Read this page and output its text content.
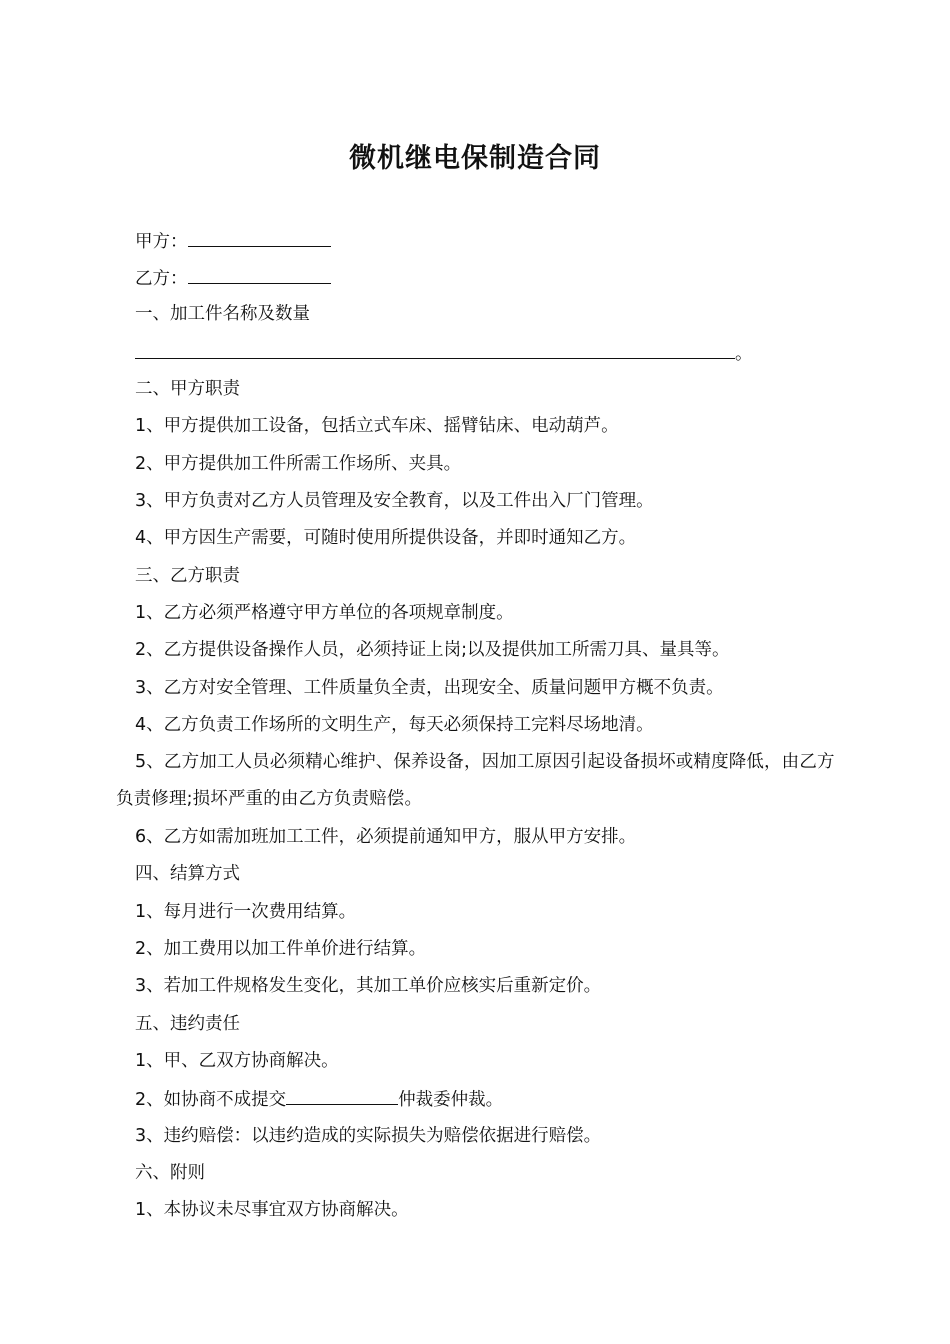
微机继电保制造合同
甲方：
乙方：
一、加工件名称及数量
。
二、甲方职责
1、甲方提供加工设备，包括立式车床、摇臂钻床、电动葫芦。
2、甲方提供加工件所需工作场所、夹具。
3、甲方负责对乙方人员管理及安全教育，以及工件出入厂门管理。
4、甲方因生产需要，可随时使用所提供设备，并即时通知乙方。
三、乙方职责
1、乙方必须严格遵守甲方单位的各项规章制度。
2、乙方提供设备操作人员，必须持证上岗;以及提供加工所需刀具、量具等。
3、乙方对安全管理、工件质量负全责，出现安全、质量问题甲方概不负责。
4、乙方负责工作场所的文明生产，每天必须保持工完料尽场地清。
5、乙方加工人员必须精心维护、保养设备，因加工原因引起设备损坏或精度降低，由乙方负责修理;损坏严重的由乙方负责赔偿。
6、乙方如需加班加工工件，必须提前通知甲方，服从甲方安排。
四、结算方式
1、每月进行一次费用结算。
2、加工费用以加工件单价进行结算。
3、若加工件规格发生变化，其加工单价应核实后重新定价。
五、违约责任
1、甲、乙双方协商解决。
2、如协商不成提交	仲裁委仲裁。
3、违约赔偿：以违约造成的实际损失为赔偿依据进行赔偿。
六、附则
1、本协议未尽事宜双方协商解决。
